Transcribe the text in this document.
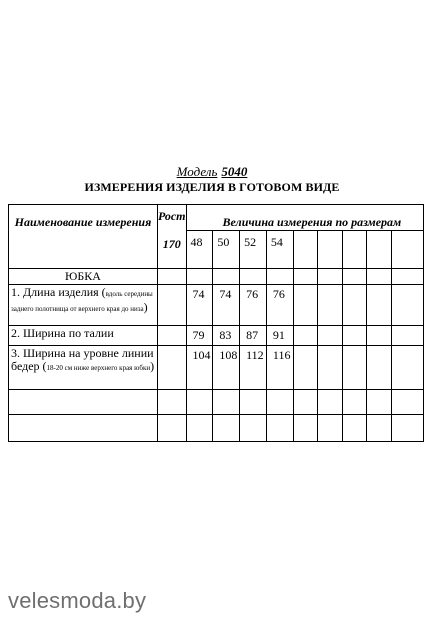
Модель 5040
ИЗМЕРЕНИЯ ИЗДЕЛИЯ В ГОТОВОМ ВИДЕ
Наименование измерения	Рост	Величина измерения по размерам								
	170	48	50	52	54					
ЮБКА										
1. Длина изделия (вдоль середины заднего полотнища от верхнего края до низа)		74	74	76	76					
2. Ширина по талии		79	83	87	91					
3. Ширина на уровне линии бедер (18-20 см ниже верхнего края юбки)		104	108	112	116					

velesmoda.by
